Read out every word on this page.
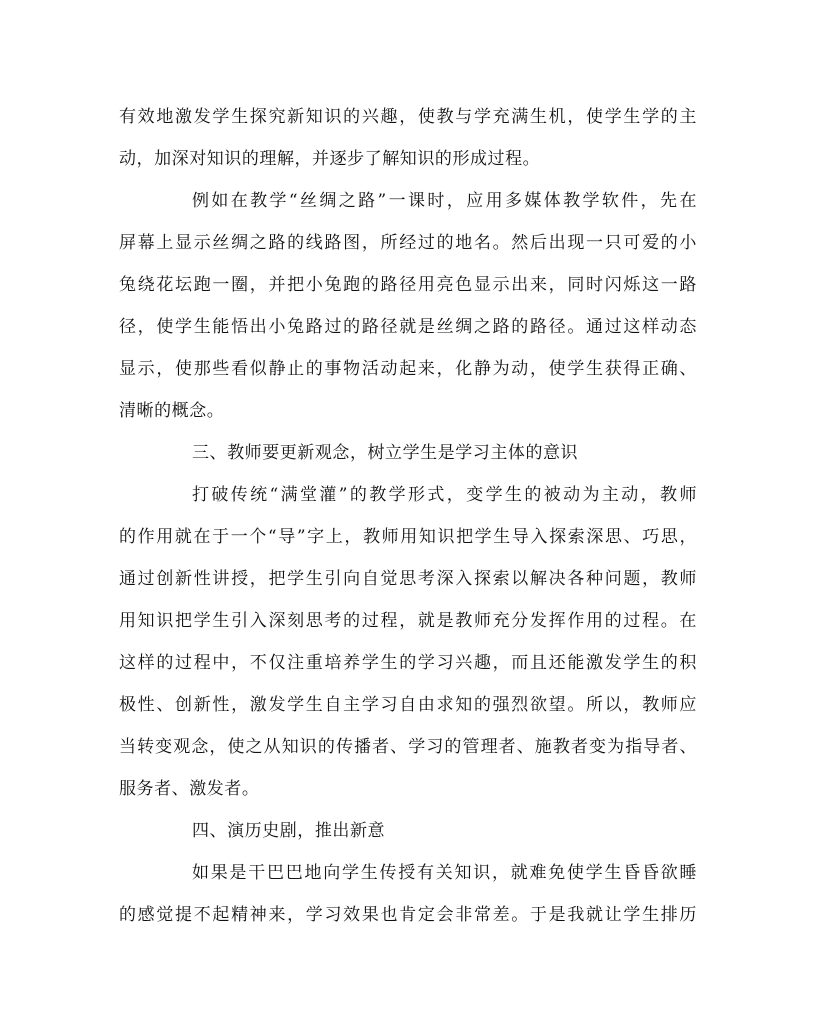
有效地激发学生探究新知识的兴趣，使教与学充满生机，使学生学的主
动，加深对知识的理解，并逐步了解知识的形成过程。
例如在教学“丝绸之路”一课时，应用多媒体教学软件，先在
屏幕上显示丝绸之路的线路图，所经过的地名。然后出现一只可爱的小
兔绕花坛跑一圈，并把小兔跑的路径用亮色显示出来，同时闪烁这一路
径，使学生能悟出小兔路过的路径就是丝绸之路的路径。通过这样动态
显示，使那些看似静止的事物活动起来，化静为动，使学生获得正确、
清晰的概念。
三、教师要更新观念，树立学生是学习主体的意识
打破传统“满堂灌”的教学形式，变学生的被动为主动，教师
的作用就在于一个“导”字上，教师用知识把学生导入探索深思、巧思，
通过创新性讲授，把学生引向自觉思考深入探索以解决各种问题，教师
用知识把学生引入深刻思考的过程，就是教师充分发挥作用的过程。在
这样的过程中，不仅注重培养学生的学习兴趣，而且还能激发学生的积
极性、创新性，激发学生自主学习自由求知的强烈欲望。所以，教师应
当转变观念，使之从知识的传播者、学习的管理者、施教者变为指导者、
服务者、激发者。
四、演历史剧，推出新意
如果是干巴巴地向学生传授有关知识，就难免使学生昏昏欲睡
的感觉提不起精神来，学习效果也肯定会非常差。于是我就让学生排历
